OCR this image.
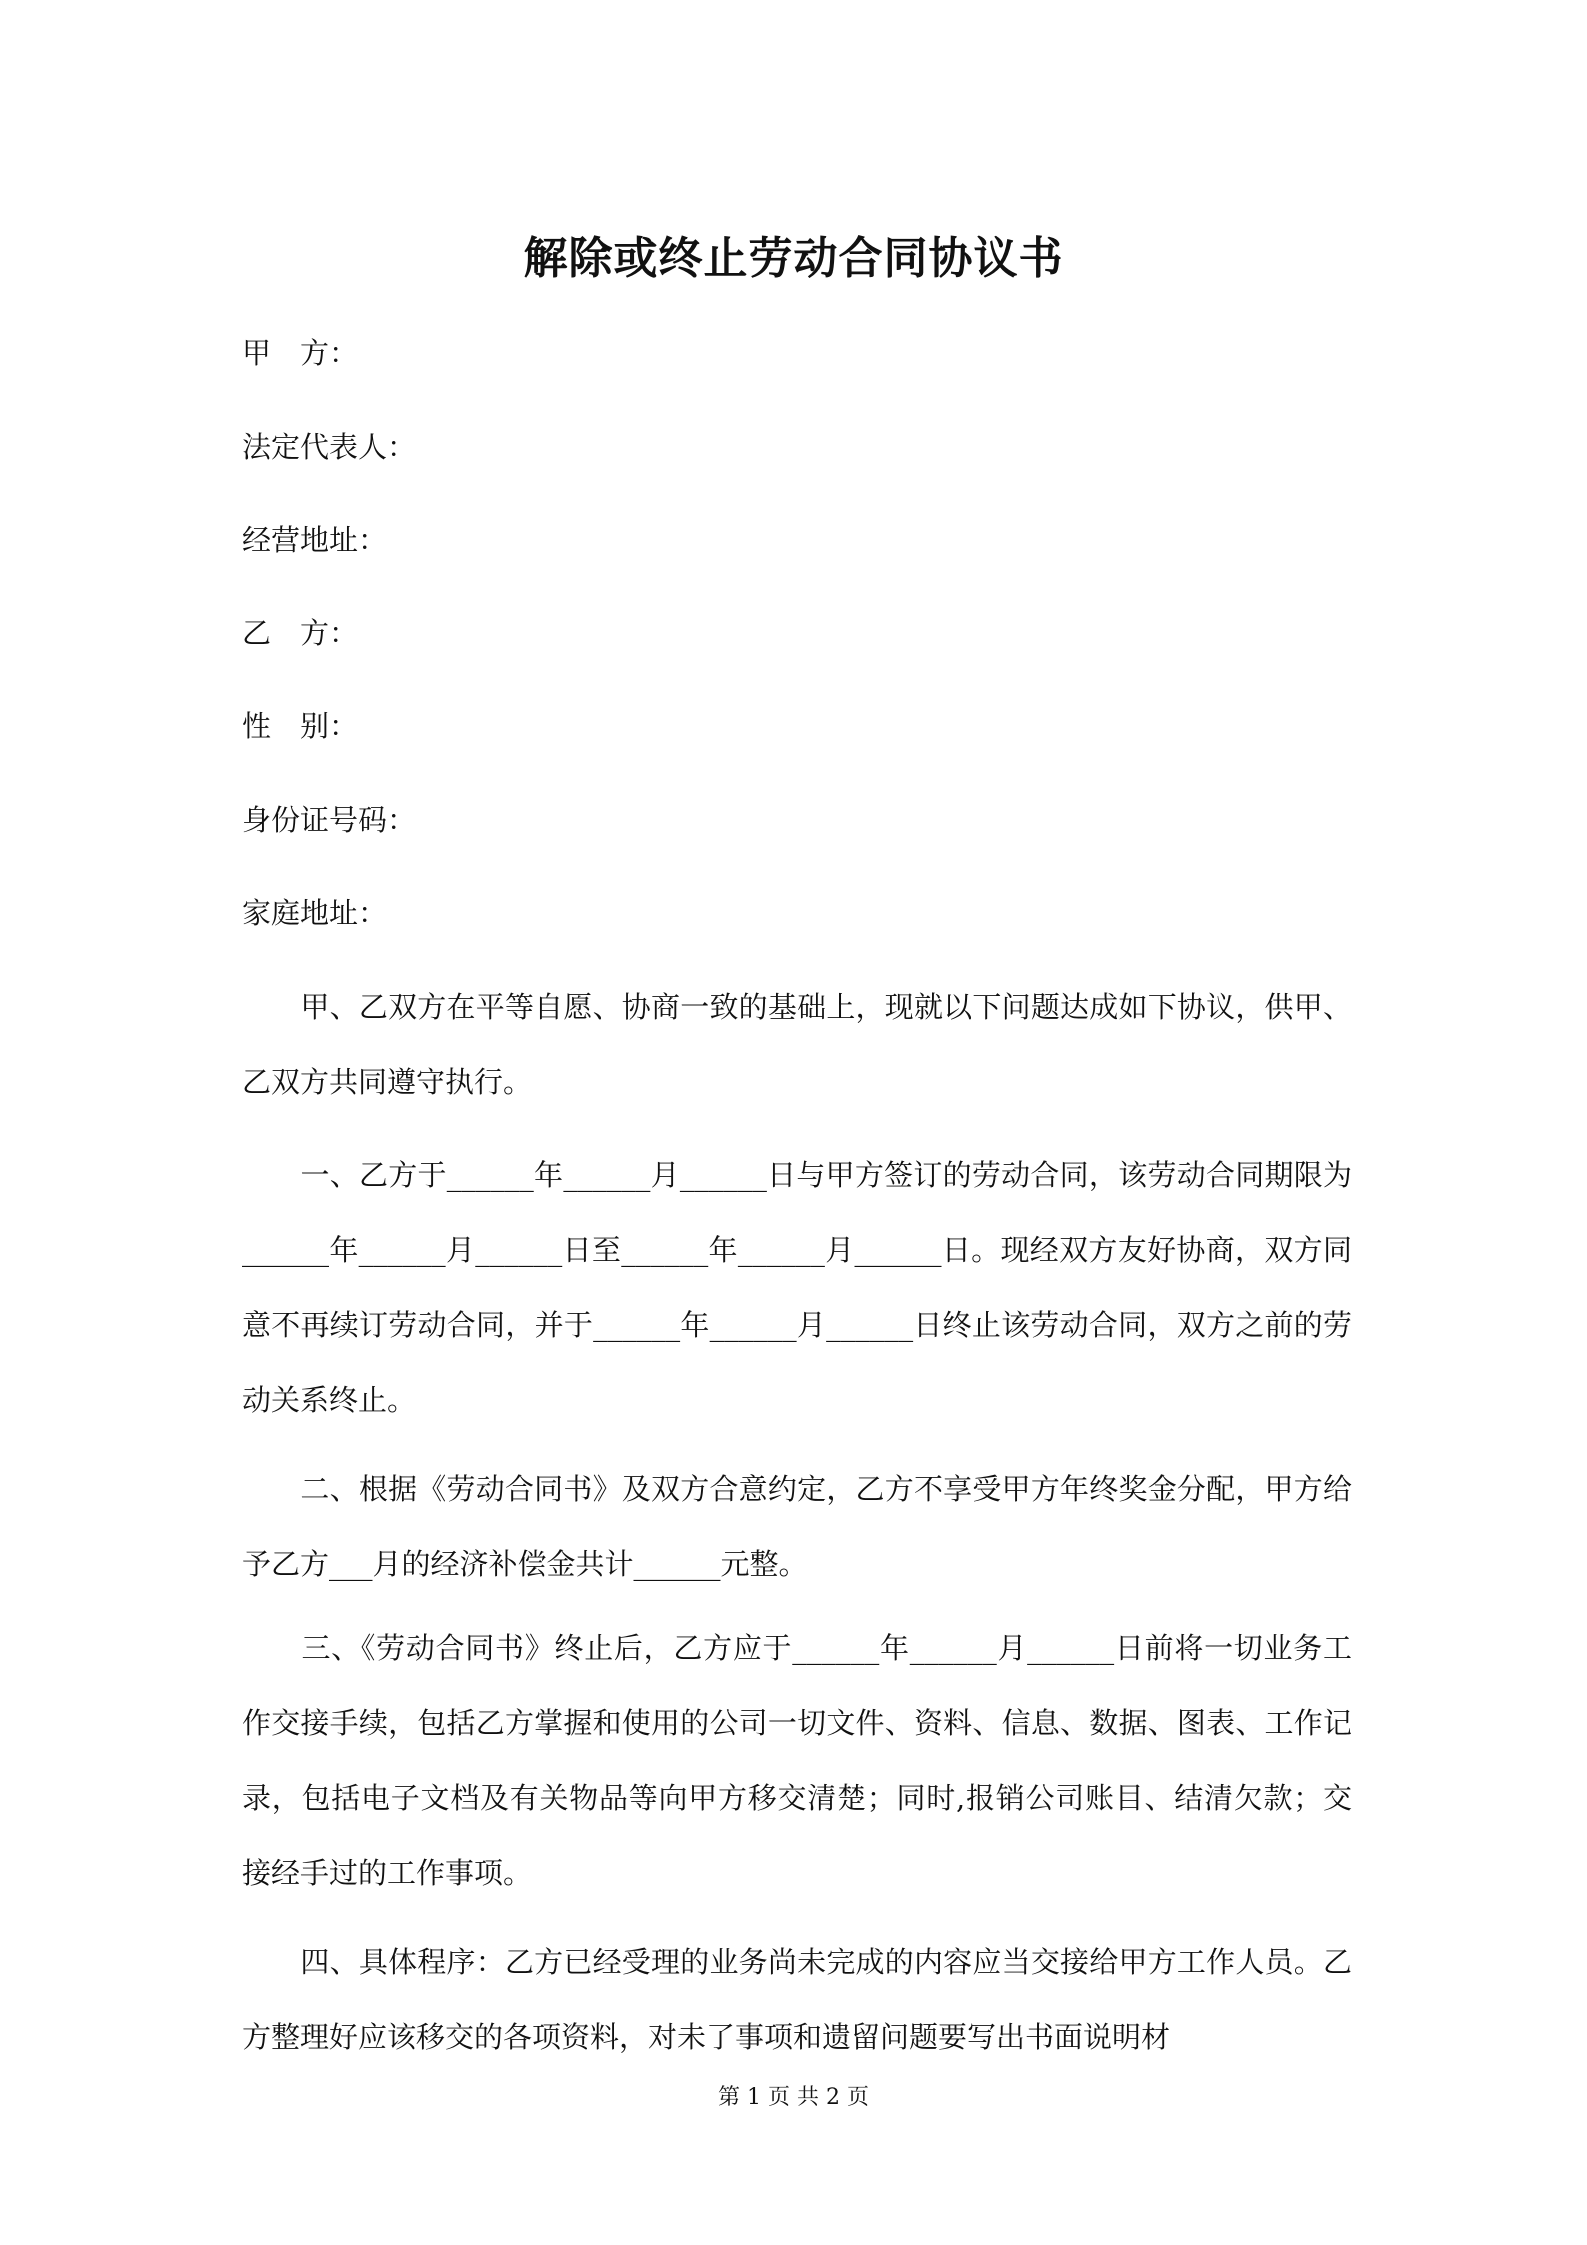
解除或终止劳动合同协议书
甲　方：
法定代表人：
经营地址：
乙　方：
性　别：
身份证号码：
家庭地址：

　　甲、乙双方在平等自愿、协商一致的基础上，现就以下问题达成如下协议，供甲、乙双方共同遵守执行。

　　一、乙方于______年______月______日与甲方签订的劳动合同，该劳动合同期限为______年______月______日至______年______月______日。现经双方友好协商，双方同意不再续订劳动合同，并于______年______月______日终止该劳动合同，双方之前的劳动关系终止。

　　二、根据《劳动合同书》及双方合意约定，乙方不享受甲方年终奖金分配，甲方给予乙方___月的经济补偿金共计______元整。

　　三、《劳动合同书》终止后，乙方应于______年______月______日前将一切业务工作交接手续，包括乙方掌握和使用的公司一切文件、资料、信息、数据、图表、工作记录，包括电子文档及有关物品等向甲方移交清楚；同时,报销公司账目、结清欠款；交接经手过的工作事项。

　　四、具体程序：乙方已经受理的业务尚未完成的内容应当交接给甲方工作人员。乙方整理好应该移交的各项资料，对未了事项和遗留问题要写出书面说明材

第 1 页 共 2 页
